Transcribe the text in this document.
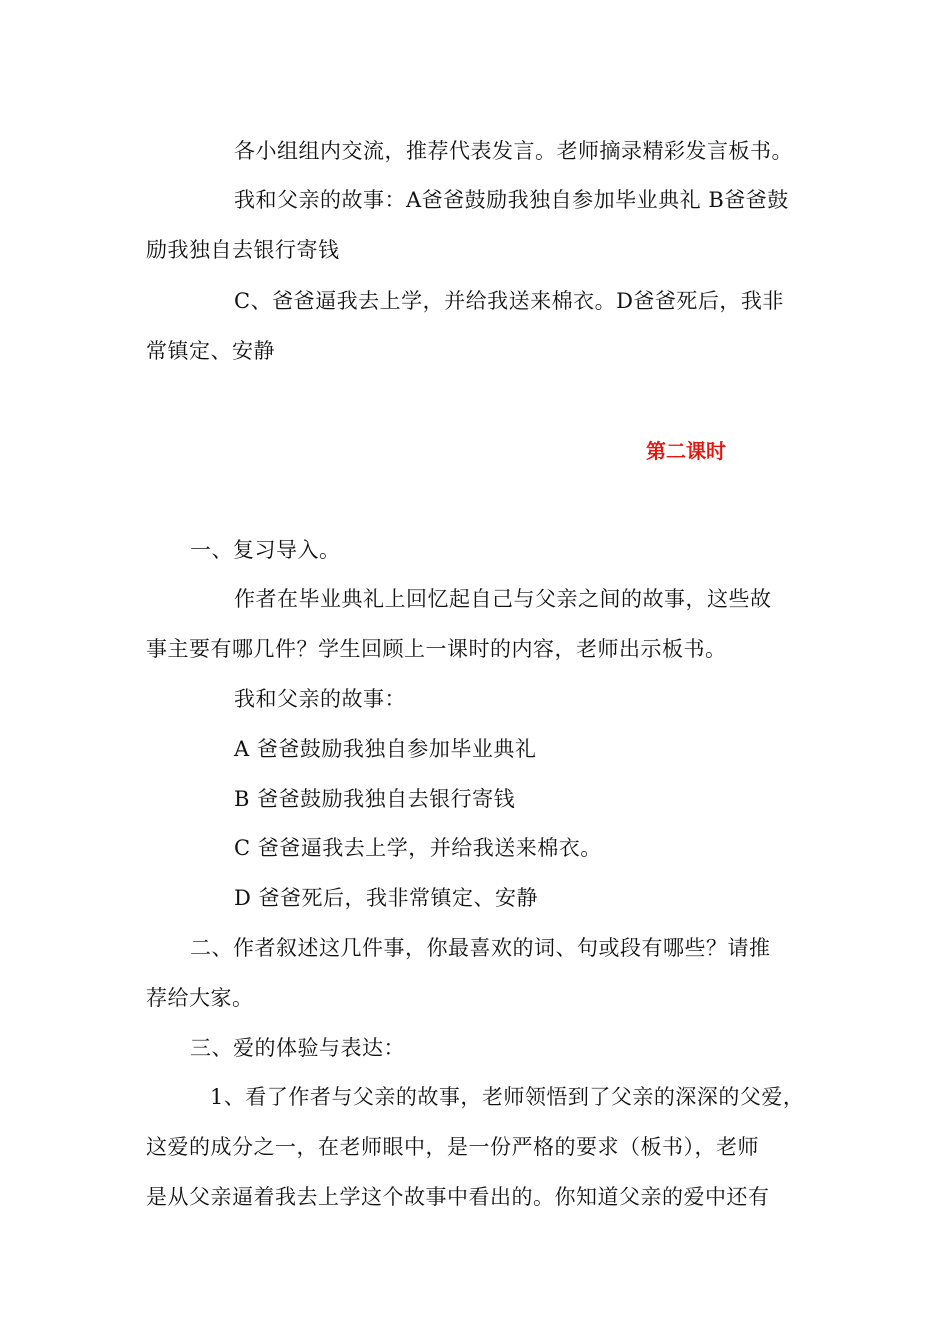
各小组组内交流，推荐代表发言。老师摘录精彩发言板书。
我和父亲的故事：A爸爸鼓励我独自参加毕业典礼 B爸爸鼓
励我独自去银行寄钱
C、爸爸逼我去上学，并给我送来棉衣。D爸爸死后，我非
常镇定、安静
第二课时
一、复习导入。
作者在毕业典礼上回忆起自己与父亲之间的故事，这些故
事主要有哪几件？学生回顾上一课时的内容，老师出示板书。
我和父亲的故事：
A 爸爸鼓励我独自参加毕业典礼
B 爸爸鼓励我独自去银行寄钱
C 爸爸逼我去上学，并给我送来棉衣。
D 爸爸死后，我非常镇定、安静
二、作者叙述这几件事，你最喜欢的词、句或段有哪些？请推
荐给大家。
三、爱的体验与表达：
1、看了作者与父亲的故事，老师领悟到了父亲的深深的父爱，
这爱的成分之一，在老师眼中，是一份严格的要求（板书），老师
是从父亲逼着我去上学这个故事中看出的。你知道父亲的爱中还有
